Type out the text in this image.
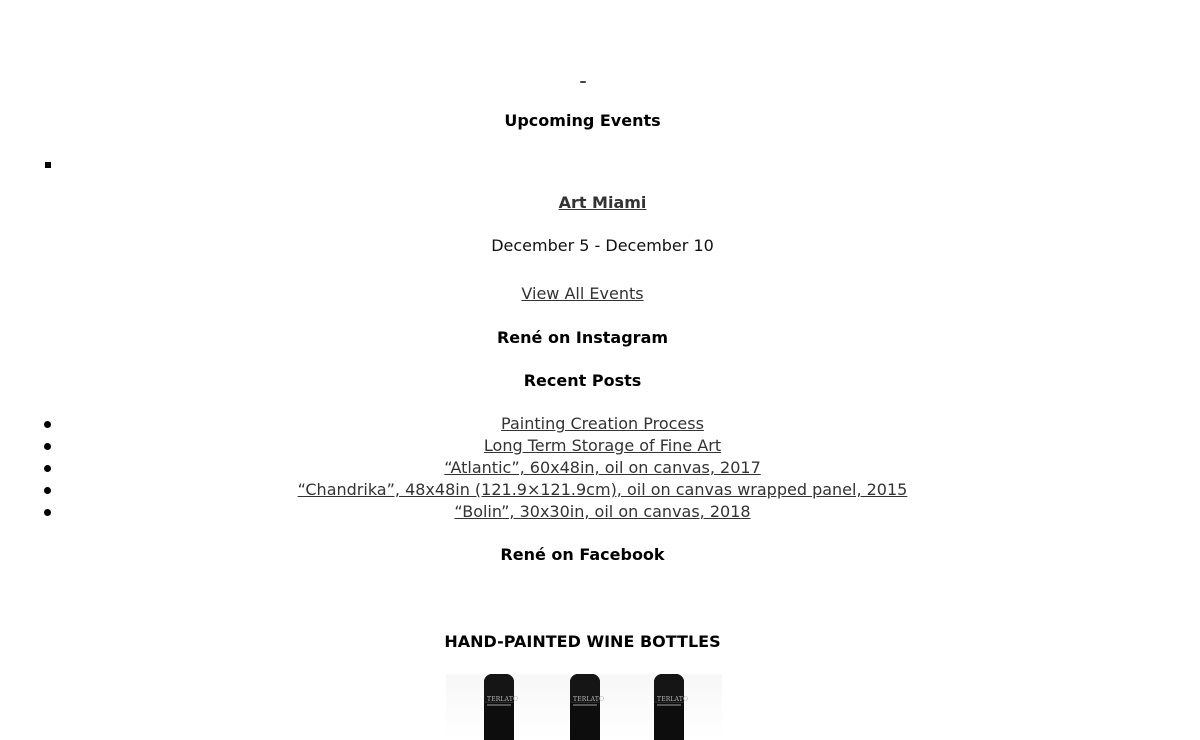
Upcoming Events
Art Miami
December 5 - December 10
View All Events
René on Instagram
Recent Posts
Painting Creation Process
Long Term Storage of Fine Art
“Atlantic”, 60x48in, oil on canvas, 2017
“Chandrika”, 48x48in (121.9×121.9cm), oil on canvas wrapped panel, 2015
“Bolin”, 30x30in, oil on canvas, 2018
René on Facebook
HAND-PAINTED WINE BOTTLES
TERLATO	TERLATO	TERLATO
